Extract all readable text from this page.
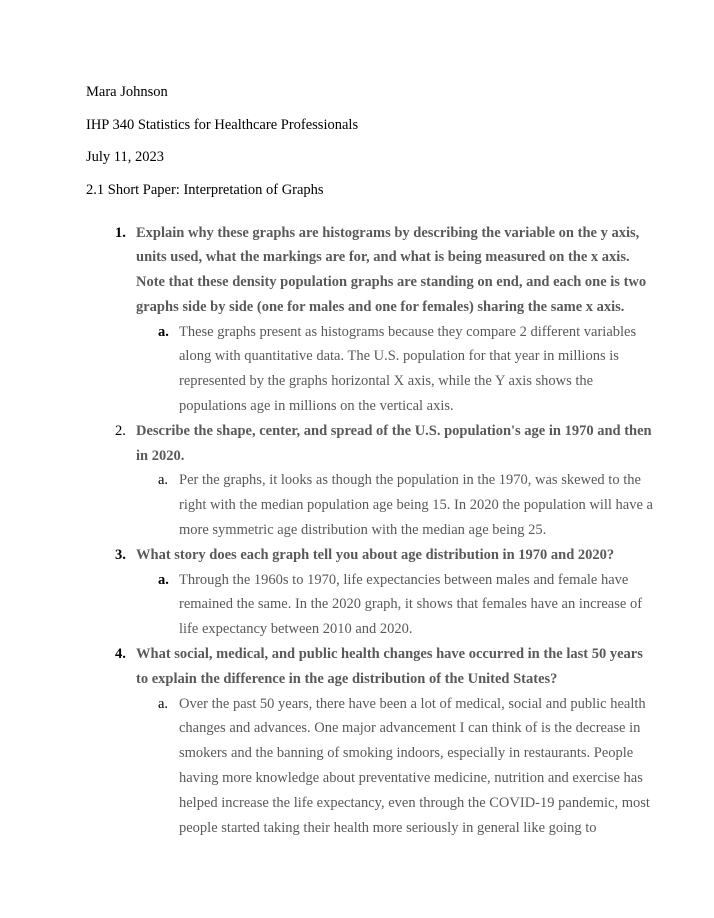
Mara Johnson
IHP 340 Statistics for Healthcare Professionals
July 11, 2023
2.1 Short Paper: Interpretation of Graphs
1. Explain why these graphs are histograms by describing the variable on the y axis, units used, what the markings are for, and what is being measured on the x axis. Note that these density population graphs are standing on end, and each one is two graphs side by side (one for males and one for females) sharing the same x axis.
a. These graphs present as histograms because they compare 2 different variables along with quantitative data. The U.S. population for that year in millions is represented by the graphs horizontal X axis, while the Y axis shows the populations age in millions on the vertical axis.
2. Describe the shape, center, and spread of the U.S. population's age in 1970 and then in 2020.
a. Per the graphs, it looks as though the population in the 1970, was skewed to the right with the median population age being 15. In 2020 the population will have a more symmetric age distribution with the median age being 25.
3. What story does each graph tell you about age distribution in 1970 and 2020?
a. Through the 1960s to 1970, life expectancies between males and female have remained the same. In the 2020 graph, it shows that females have an increase of life expectancy between 2010 and 2020.
4. What social, medical, and public health changes have occurred in the last 50 years to explain the difference in the age distribution of the United States?
a. Over the past 50 years, there have been a lot of medical, social and public health changes and advances. One major advancement I can think of is the decrease in smokers and the banning of smoking indoors, especially in restaurants. People having more knowledge about preventative medicine, nutrition and exercise has helped increase the life expectancy, even through the COVID-19 pandemic, most people started taking their health more seriously in general like going to
